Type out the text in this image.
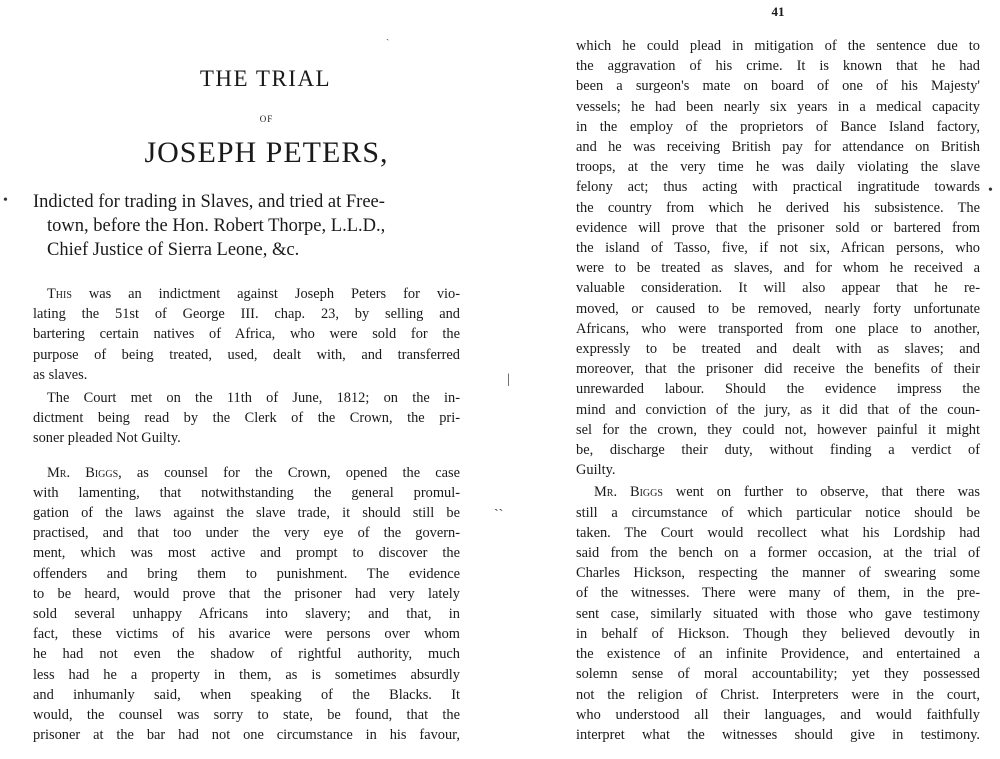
THE TRIAL
OF
JOSEPH PETERS,
Indicted for trading in Slaves, and tried at Free-
town, before the Hon. Robert Thorpe, L.L.D.,
Chief Justice of Sierra Leone, &c.
This was an indictment against Joseph Peters for vio-
lating the 51st of George III. chap. 23, by selling and
bartering certain natives of Africa, who were sold for the
purpose of being treated, used, dealt with, and transferred
as slaves.
The Court met on the 11th of June, 1812; on the in-
dictment being read by the Clerk of the Crown, the pri-
soner pleaded Not Guilty.
Mr. Biggs, as counsel for the Crown, opened the case
with lamenting, that notwithstanding the general promul-
gation of the laws against the slave trade, it should still be
practised, and that too under the very eye of the govern-
ment, which was most active and prompt to discover the
offenders and bring them to punishment. The evidence
to be heard, would prove that the prisoner had very lately
sold several unhappy Africans into slavery; and that, in
fact, these victims of his avarice were persons over whom
he had not even the shadow of rightful authority, much
less had he a property in them, as is sometimes absurdly
and inhumanly said, when speaking of the Blacks. It
would, the counsel was sorry to state, be found, that the
prisoner at the bar had not one circumstance in his favour,
41
which he could plead in mitigation of the sentence due to
the aggravation of his crime. It is known that he had
been a surgeon's mate on board of one of his Majesty'
vessels; he had been nearly six years in a medical capacity
in the employ of the proprietors of Bance Island factory,
and he was receiving British pay for attendance on British
troops, at the very time he was daily violating the slave
felony act; thus acting with practical ingratitude towards
the country from which he derived his subsistence. The
evidence will prove that the prisoner sold or bartered from
the island of Tasso, five, if not six, African persons, who
were to be treated as slaves, and for whom he received a
valuable consideration. It will also appear that he re-
moved, or caused to be removed, nearly forty unfortunate
Africans, who were transported from one place to another,
expressly to be treated and dealt with as slaves; and
moreover, that the prisoner did receive the benefits of their
unrewarded labour. Should the evidence impress the
mind and conviction of the jury, as it did that of the coun-
sel for the crown, they could not, however painful it might
be, discharge their duty, without finding a verdict of
Guilty.
Mr. Biggs went on further to observe, that there was
still a circumstance of which particular notice should be
taken. The Court would recollect what his Lordship had
said from the bench on a former occasion, at the trial of
Charles Hickson, respecting the manner of swearing some
of the witnesses. There were many of them, in the pre-
sent case, similarly situated with those who gave testimony
in behalf of Hickson. Though they believed devoutly in
the existence of an infinite Providence, and entertained a
solemn sense of moral accountability; yet they possessed
not the religion of Christ. Interpreters were in the court,
who understood all their languages, and would faithfully
interpret what the witnesses should give in testimony.
•
ˏ
|
ˎˏ
•
